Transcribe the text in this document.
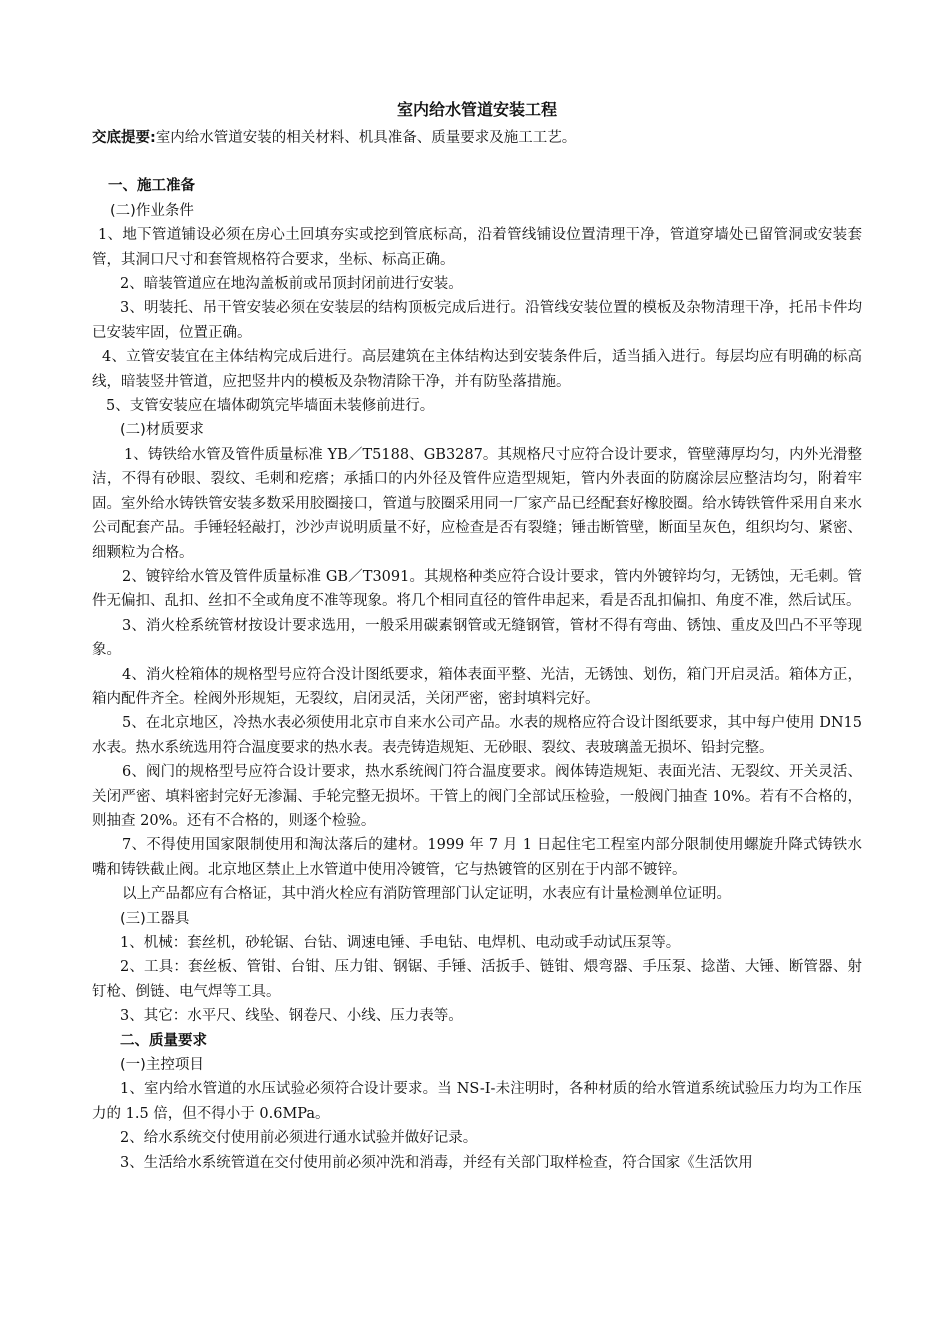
室内给水管道安装工程

交底提要:室内给水管道安装的相关材料、机具准备、质量要求及施工工艺。

一、施工准备
(二)作业条件

1、地下管道铺设必须在房心土回填夯实或挖到管底标高，沿着管线铺设位置清理干净，管道穿墙处已留管洞或安装套管，其洞口尺寸和套管规格符合要求，坐标、标高正确。

2、暗装管道应在地沟盖板前或吊顶封闭前进行安装。

3、明装托、吊干管安装必须在安装层的结构顶板完成后进行。沿管线安装位置的模板及杂物清理干净，托吊卡件均已安装牢固，位置正确。

4、立管安装宜在主体结构完成后进行。高层建筑在主体结构达到安装条件后，适当插入进行。每层均应有明确的标高线，暗装竖井管道，应把竖井内的模板及杂物清除干净，并有防坠落措施。

5、支管安装应在墙体砌筑完毕墙面未装修前进行。

(二)材质要求

1、铸铁给水管及管件质量标准 YB／T5188、GB3287。其规格尺寸应符合设计要求，管壁薄厚均匀，内外光滑整洁，不得有砂眼、裂纹、毛刺和疙瘩；承插口的内外径及管件应造型规矩，管内外表面的防腐涂层应整洁均匀，附着牢固。室外给水铸铁管安装多数采用胶圈接口，管道与胶圈采用同一厂家产品已经配套好橡胶圈。给水铸铁管件采用自来水公司配套产品。手锤轻轻敲打，沙沙声说明质量不好，应检查是否有裂缝；锤击断管壁，断面呈灰色，组织均匀、紧密、细颗粒为合格。

2、镀锌给水管及管件质量标准 GB／T3091。其规格种类应符合设计要求，管内外镀锌均匀，无锈蚀，无毛刺。管件无偏扣、乱扣、丝扣不全或角度不准等现象。将几个相同直径的管件串起来，看是否乱扣偏扣、角度不准，然后试压。

3、消火栓系统管材按设计要求选用，一般采用碳素钢管或无缝钢管，管材不得有弯曲、锈蚀、重皮及凹凸不平等现象。

4、消火栓箱体的规格型号应符合没计图纸要求，箱体表面平整、光洁，无锈蚀、划伤，箱门开启灵活。箱体方正，箱内配件齐全。栓阀外形规矩，无裂纹，启闭灵活，关闭严密，密封填料完好。

5、在北京地区，冷热水表必须使用北京市自来水公司产品。水表的规格应符合设计图纸要求，其中每户使用 DN15 水表。热水系统选用符合温度要求的热水表。表壳铸造规矩、无砂眼、裂纹、表玻璃盖无损坏、铅封完整。

6、阀门的规格型号应符合设计要求，热水系统阀门符合温度要求。阀体铸造规矩、表面光洁、无裂纹、开关灵活、关闭严密、填料密封完好无渗漏、手轮完整无损坏。干管上的阀门全部试压检验，一般阀门抽查 10%。若有不合格的，则抽查 20%。还有不合格的，则逐个检验。

7、不得使用国家限制使用和淘汰落后的建材。1999 年 7 月 1 日起住宅工程室内部分限制使用螺旋升降式铸铁水嘴和铸铁截止阀。北京地区禁止上水管道中使用冷镀管，它与热镀管的区别在于内部不镀锌。

以上产品都应有合格证，其中消火栓应有消防管理部门认定证明，水表应有计量检测单位证明。

(三)工器具

1、机械：套丝机，砂轮锯、台钻、调速电锤、手电钻、电焊机、电动或手动试压泵等。

2、工具：套丝板、管钳、台钳、压力钳、钢锯、手锤、活扳手、链钳、煨弯器、手压泵、捻凿、大锤、断管器、射钉枪、倒链、电气焊等工具。

3、其它：水平尺、线坠、钢卷尺、小线、压力表等。

二、质量要求
(一)主控项目

1、室内给水管道的水压试验必须符合设计要求。当 NS-I-未注明时，各种材质的给水管道系统试验压力均为工作压力的 1.5 倍，但不得小于 0.6MPa。

2、给水系统交付使用前必须进行通水试验并做好记录。

3、生活给水系统管道在交付使用前必须冲洗和消毒，并经有关部门取样检查，符合国家《生活饮用
